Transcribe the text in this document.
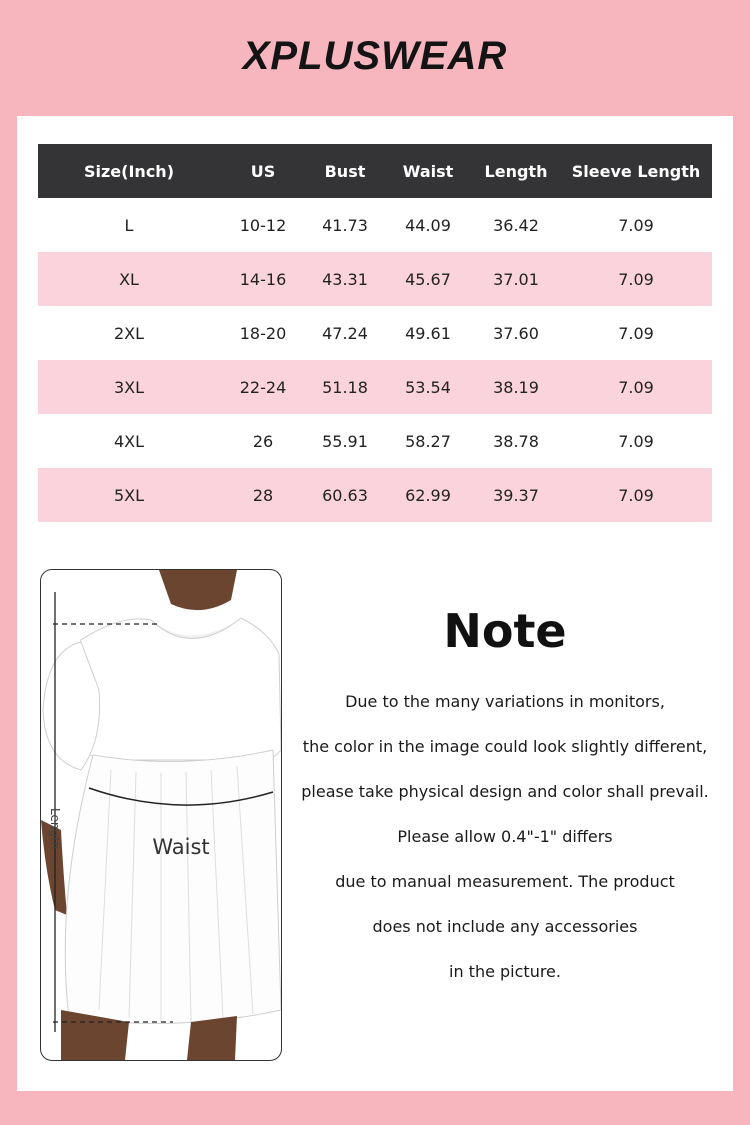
XPLUSWEAR
Size(Inch)	US	Bust	Waist	Length	Sleeve Length
L	10-12	41.73	44.09	36.42	7.09
XL	14-16	43.31	45.67	37.01	7.09
2XL	18-20	47.24	49.61	37.60	7.09
3XL	22-24	51.18	53.54	38.19	7.09
4XL	26	55.91	58.27	38.78	7.09
5XL	28	60.63	62.99	39.37	7.09
Waist
Length
Note
Due to the many variations in monitors,
the color in the image could look slightly different,
please take physical design and color shall prevail.
Please allow 0.4"-1" differs
due to manual measurement. The product
does not include any accessories
in the picture.
